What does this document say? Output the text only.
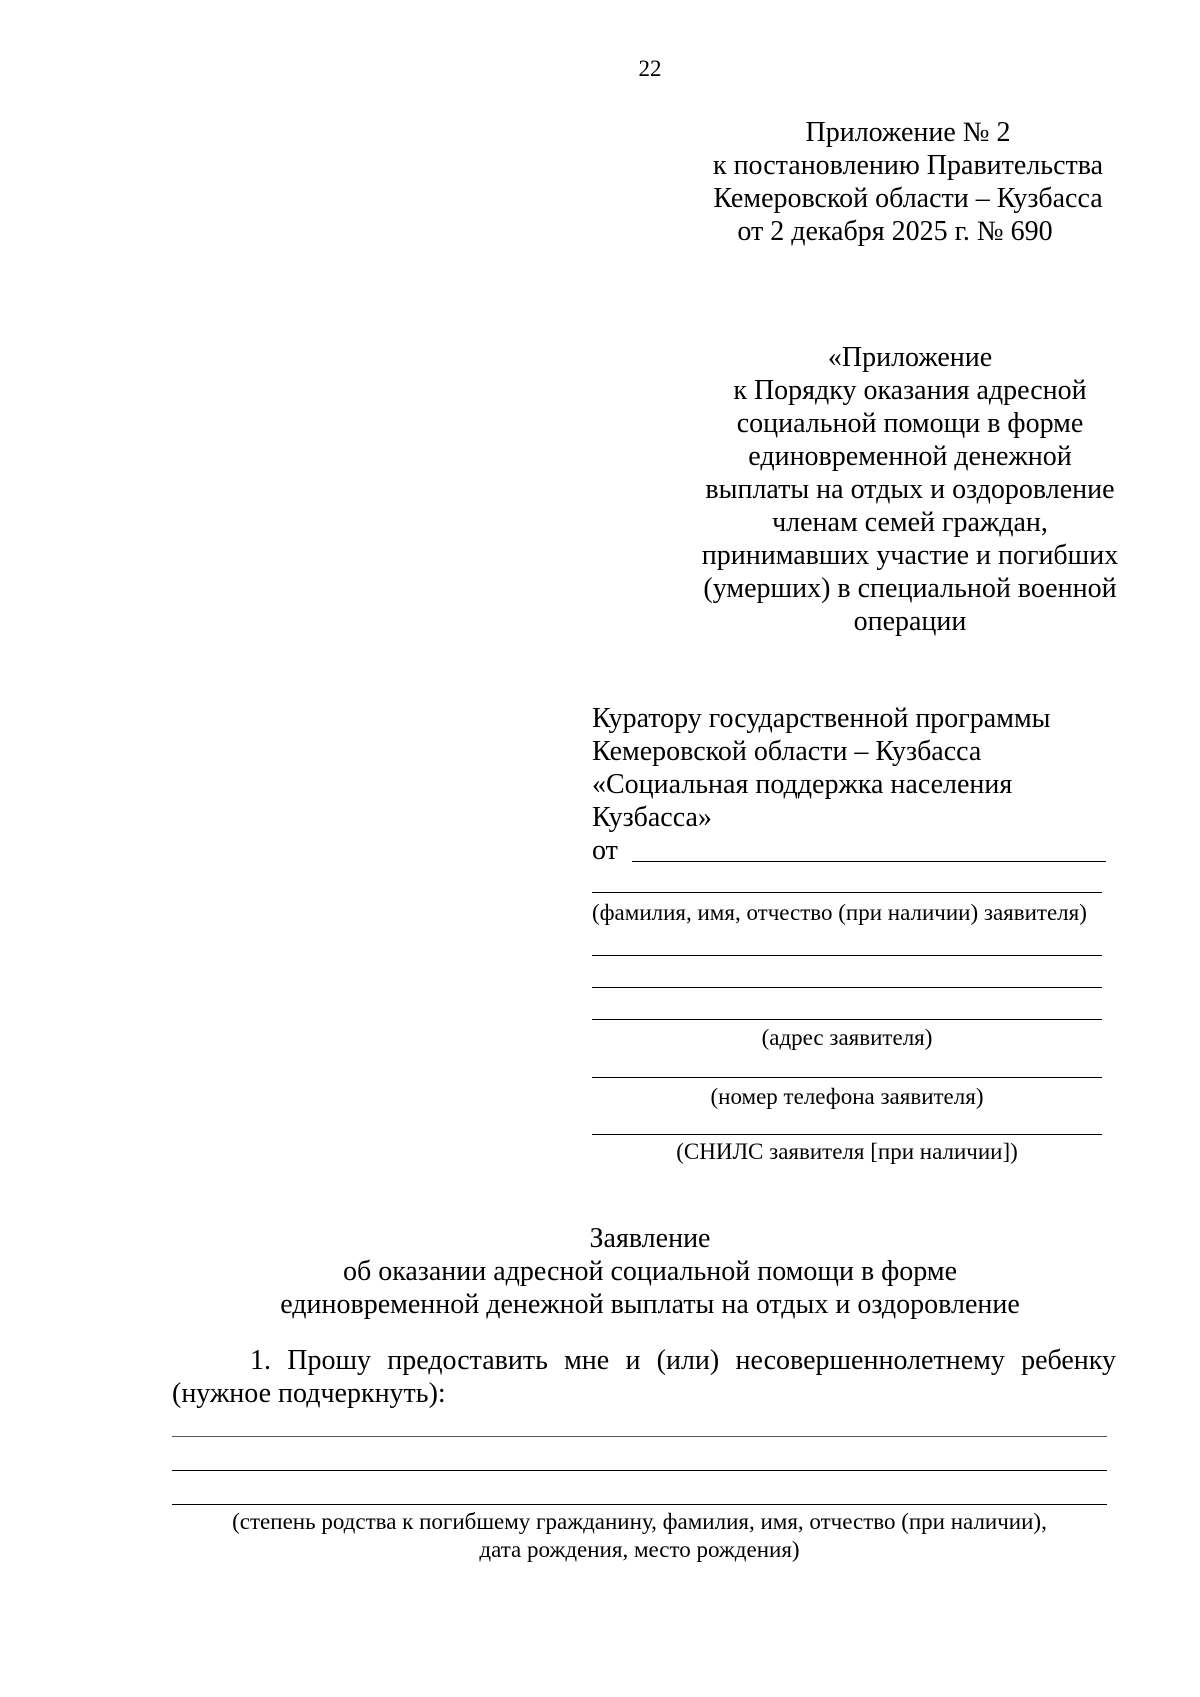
22
Приложение № 2
к постановлению Правительства
Кемеровской области – Кузбасса
от 2 декабря 2025 г. № 690
«Приложение
к Порядку оказания адресной
социальной помощи в форме
единовременной денежной
выплаты на отдых и оздоровление
членам семей граждан,
принимавших участие и погибших
(умерших) в специальной военной
операции
Куратору государственной программы
Кемеровской области – Кузбасса
«Социальная поддержка населения
Кузбасса»
от
(фамилия, имя, отчество (при наличии) заявителя)
(адрес заявителя)
(номер телефона заявителя)
(СНИЛС заявителя [при наличии])
Заявление
об оказании адресной социальной помощи в форме
единовременной денежной выплаты на отдых и оздоровление
1. Прошу предоставить мне и (или) несовершеннолетнему ребенку
(нужное подчеркнуть):
(степень родства к погибшему гражданину, фамилия, имя, отчество (при наличии),
дата рождения, место рождения)
